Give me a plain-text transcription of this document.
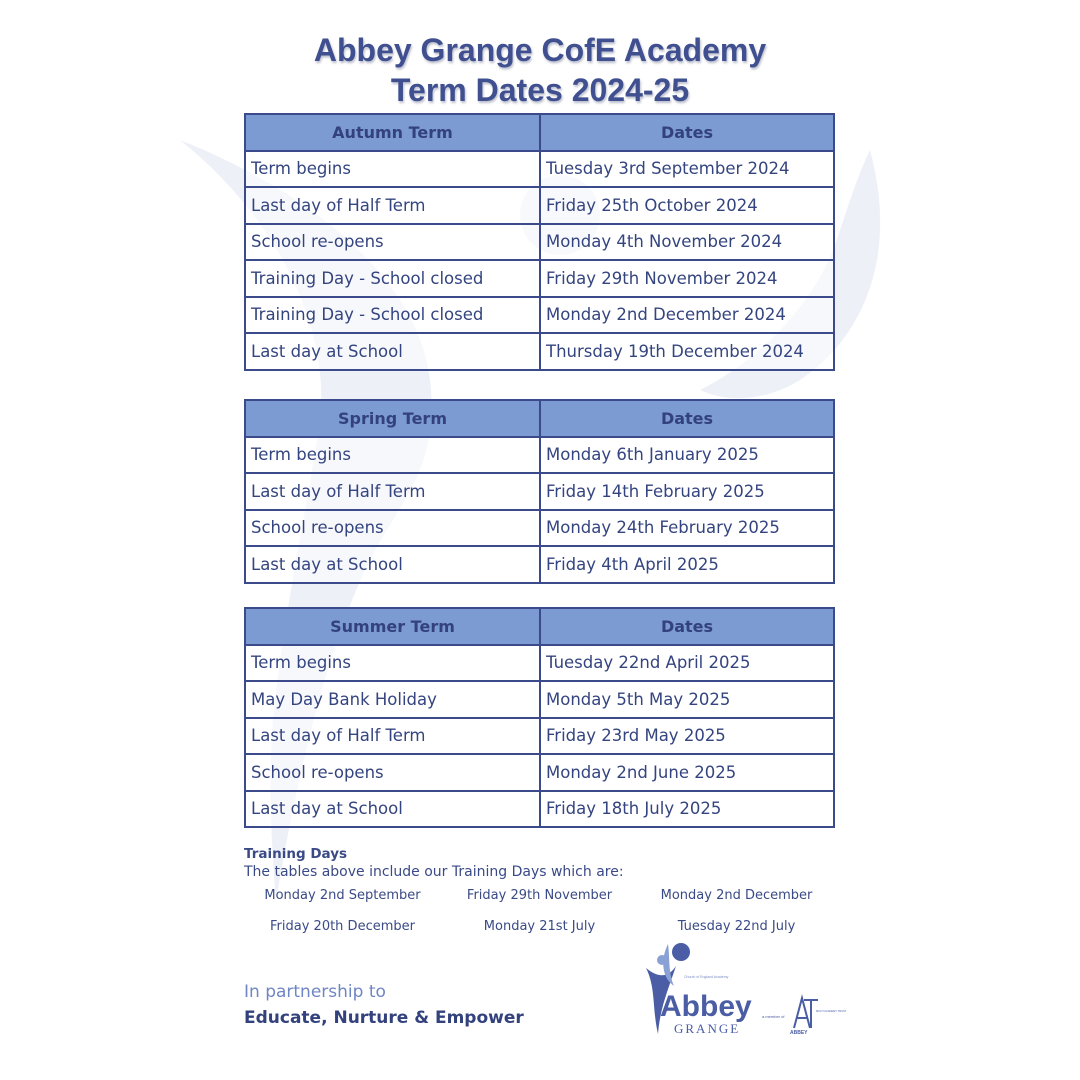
Abbey Grange CofE Academy
Term Dates 2024-25
Autumn Term	Dates
Term begins	Tuesday 3rd September 2024
Last day of Half Term	Friday 25th October 2024
School re-opens	Monday 4th November 2024
Training Day - School closed	Friday 29th November 2024
Training Day - School closed	Monday 2nd December 2024
Last day at School	Thursday 19th December 2024
Spring Term	Dates
Term begins	Monday 6th January 2025
Last day of Half Term	Friday 14th February 2025
School re-opens	Monday 24th February 2025
Last day at School	Friday 4th April 2025
Summer Term	Dates
Term begins	Tuesday 22nd April 2025
May Day Bank Holiday	Monday 5th May 2025
Last day of Half Term	Friday 23rd May 2025
School re-opens	Monday 2nd June 2025
Last day at School	Friday 18th July 2025
Training Days
The tables above include our Training Days which are:
Monday 2nd September	Friday 29th November	Monday 2nd December
Friday 20th December	Monday 21st July	Tuesday 22nd July
In partnership to
Educate, Nurture & Empower	Abbey
GRANGE
Church of England Academy
a member of
ABBEY
MULTI ACADEMY TRUST
